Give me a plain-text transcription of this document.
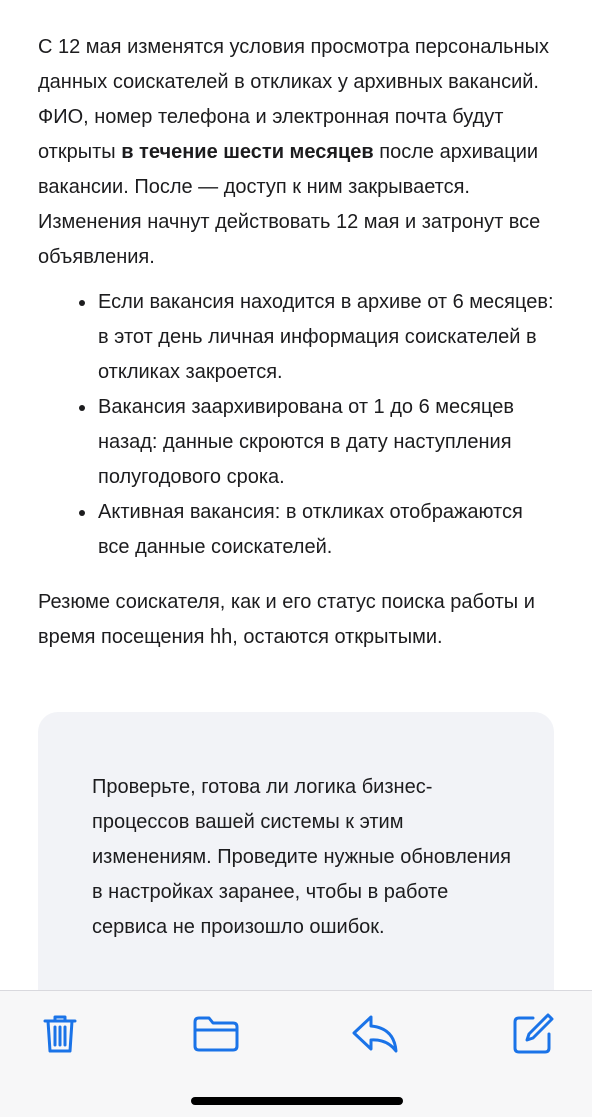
С 12 мая изменятся условия просмотра персональных данных соискателей в откликах у архивных вакансий.
ФИО, номер телефона и электронная почта будут открыты в течение шести месяцев после архивации вакансии. После — доступ к ним закрывается.
Изменения начнут действовать 12 мая и затронут все объявления.
Если вакансия находится в архиве от 6 месяцев: в этот день личная информация соискателей в откликах закроется.
Вакансия заархивирована от 1 до 6 месяцев назад: данные скроются в дату наступления полугодового срока.
Активная вакансия: в откликах отображаются все данные соискателей.
Резюме соискателя, как и его статус поиска работы и время посещения hh, остаются открытыми.
Проверьте, готова ли логика бизнес-процессов вашей системы к этим изменениям. Проведите нужные обновления в настройках заранее, чтобы в работе сервиса не произошло ошибок.
